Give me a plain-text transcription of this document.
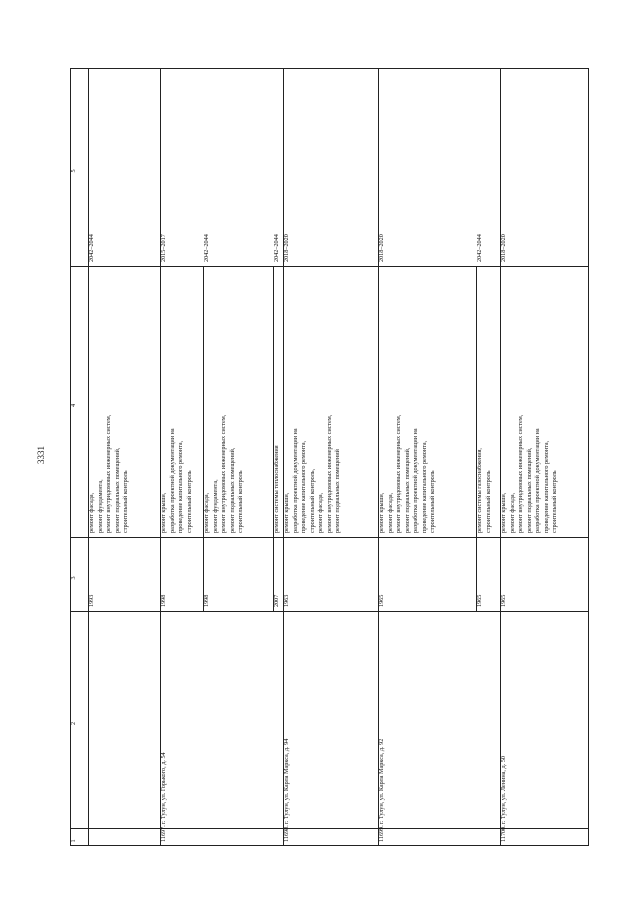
3331
1
2
3
4
5
1993
ремонт фасада, ремонт фундамента, ремонт внутридомовых инженерных систем, ремонт подвальных помещений, строительный контроль
2042–2044
11697.
г. Тулун, ул. Горького, д. 54
1998
ремонт крыши, разработка проектной документации на проведение капитального ремонта, строительный контроль
2015–2017
1998
ремонт фасада, ремонт фундамента, ремонт внутридомовых инженерных систем, ремонт подвальных помещений, строительный контроль
2042–2044
2007
ремонт системы теплоснабжения
2042–2044
11698.
г. Тулун, ул. Карла Маркса, д. 94
1963
ремонт крыши, разработка проектной документации на проведение капитального ремонта, строительный контроль, ремонт фасада, ремонт внутридомовых инженерных систем, ремонт подвальных помещений
2018–2020
11699.
г. Тулун, ул. Карла Маркса, д. 92
1965
ремонт крыши, ремонт фасада, ремонт внутридомовых инженерных систем, ремонт подвальных помещений, разработка проектной документации на проведение капитального ремонта, строительный контроль
2018–2020
1965
ремонт системы газоснабжения, строительный контроль
2042–2044
11700.
г. Тулун, ул. Ленина, д. 50
1965
ремонт крыши, ремонт фасада, ремонт внутридомовых инженерных систем, ремонт подвальных помещений, разработка проектной документации на проведение капитального ремонта, строительный контроль
2018–2020
